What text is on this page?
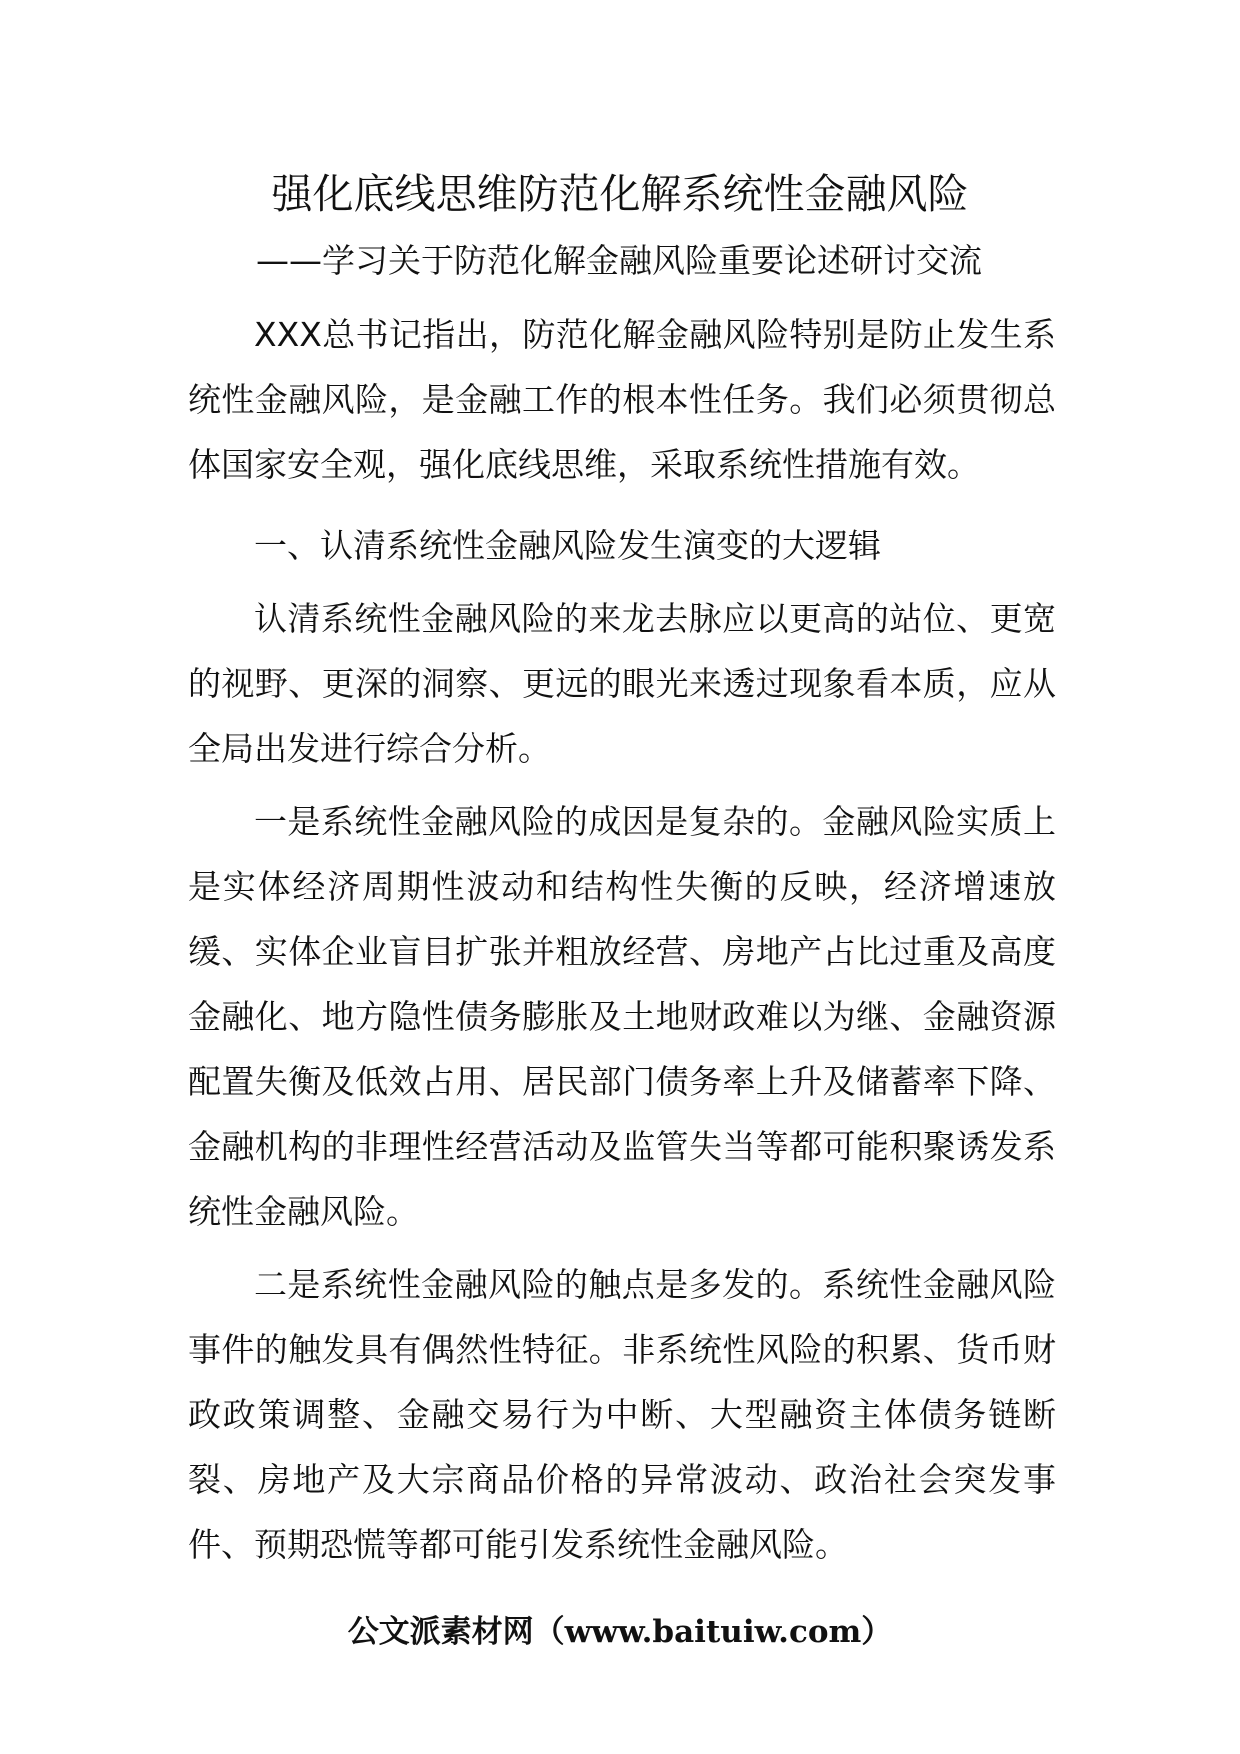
强化底线思维防范化解系统性金融风险

——学习关于防范化解金融风险重要论述研讨交流

XXX总书记指出，防范化解金融风险特别是防止发生系统性金融风险，是金融工作的根本性任务。我们必须贯彻总体国家安全观，强化底线思维，采取系统性措施有效。

一、认清系统性金融风险发生演变的大逻辑

认清系统性金融风险的来龙去脉应以更高的站位、更宽的视野、更深的洞察、更远的眼光来透过现象看本质，应从全局出发进行综合分析。

一是系统性金融风险的成因是复杂的。金融风险实质上是实体经济周期性波动和结构性失衡的反映，经济增速放缓、实体企业盲目扩张并粗放经营、房地产占比过重及高度金融化、地方隐性债务膨胀及土地财政难以为继、金融资源配置失衡及低效占用、居民部门债务率上升及储蓄率下降、金融机构的非理性经营活动及监管失当等都可能积聚诱发系统性金融风险。

二是系统性金融风险的触点是多发的。系统性金融风险事件的触发具有偶然性特征。非系统性风险的积累、货币财政政策调整、金融交易行为中断、大型融资主体债务链断裂、房地产及大宗商品价格的异常波动、政治社会突发事件、预期恐慌等都可能引发系统性金融风险。

公文派素材网（www.baituiw.com）
